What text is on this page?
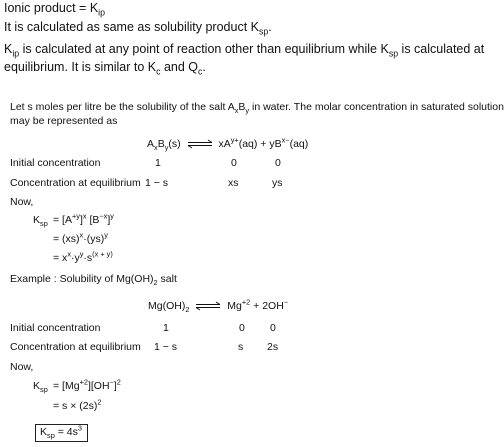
Ionic product = $K_{ip}$
It is calculated as same as solubility product $K_{sp}$.
$K_{ip}$ is calculated at any point of reaction other than equilibrium while $K_{sp}$ is calculated at
equilibrium. It is similar to $K_c$ and $Q_c$.
Let s moles per litre be the solubility of the salt $A_xB_y$ in water. The molar concentration in saturated solution
may be represented as
$A_xB_y(s)$ ⇌ $xA^{y+}(aq) + yB^{x-}(aq)$
Initial concentration	1	0	0
Concentration at equilibrium 1 − s	xs	ys
Now,
$K_{sp} = [A^{+y}]^x$ $[B^{-x}]^y$
= (xs)$^x$·(ys)$^y$
= $x^x\cdot y^y\cdot s^{(x + y)}$
Example : Solubility of $Mg(OH)_2$ salt
$Mg(OH)_2$ ⇌ $Mg^{+2} + 2OH^-$
Initial concentration	1	0 0
Concentration at equilibrium 1 − s	s 2s
Now,
$K_{sp} = [Mg^{+2}][OH^-]^2$
= $s \times (2s)^2$
$K_{sp} = 4s^3$
